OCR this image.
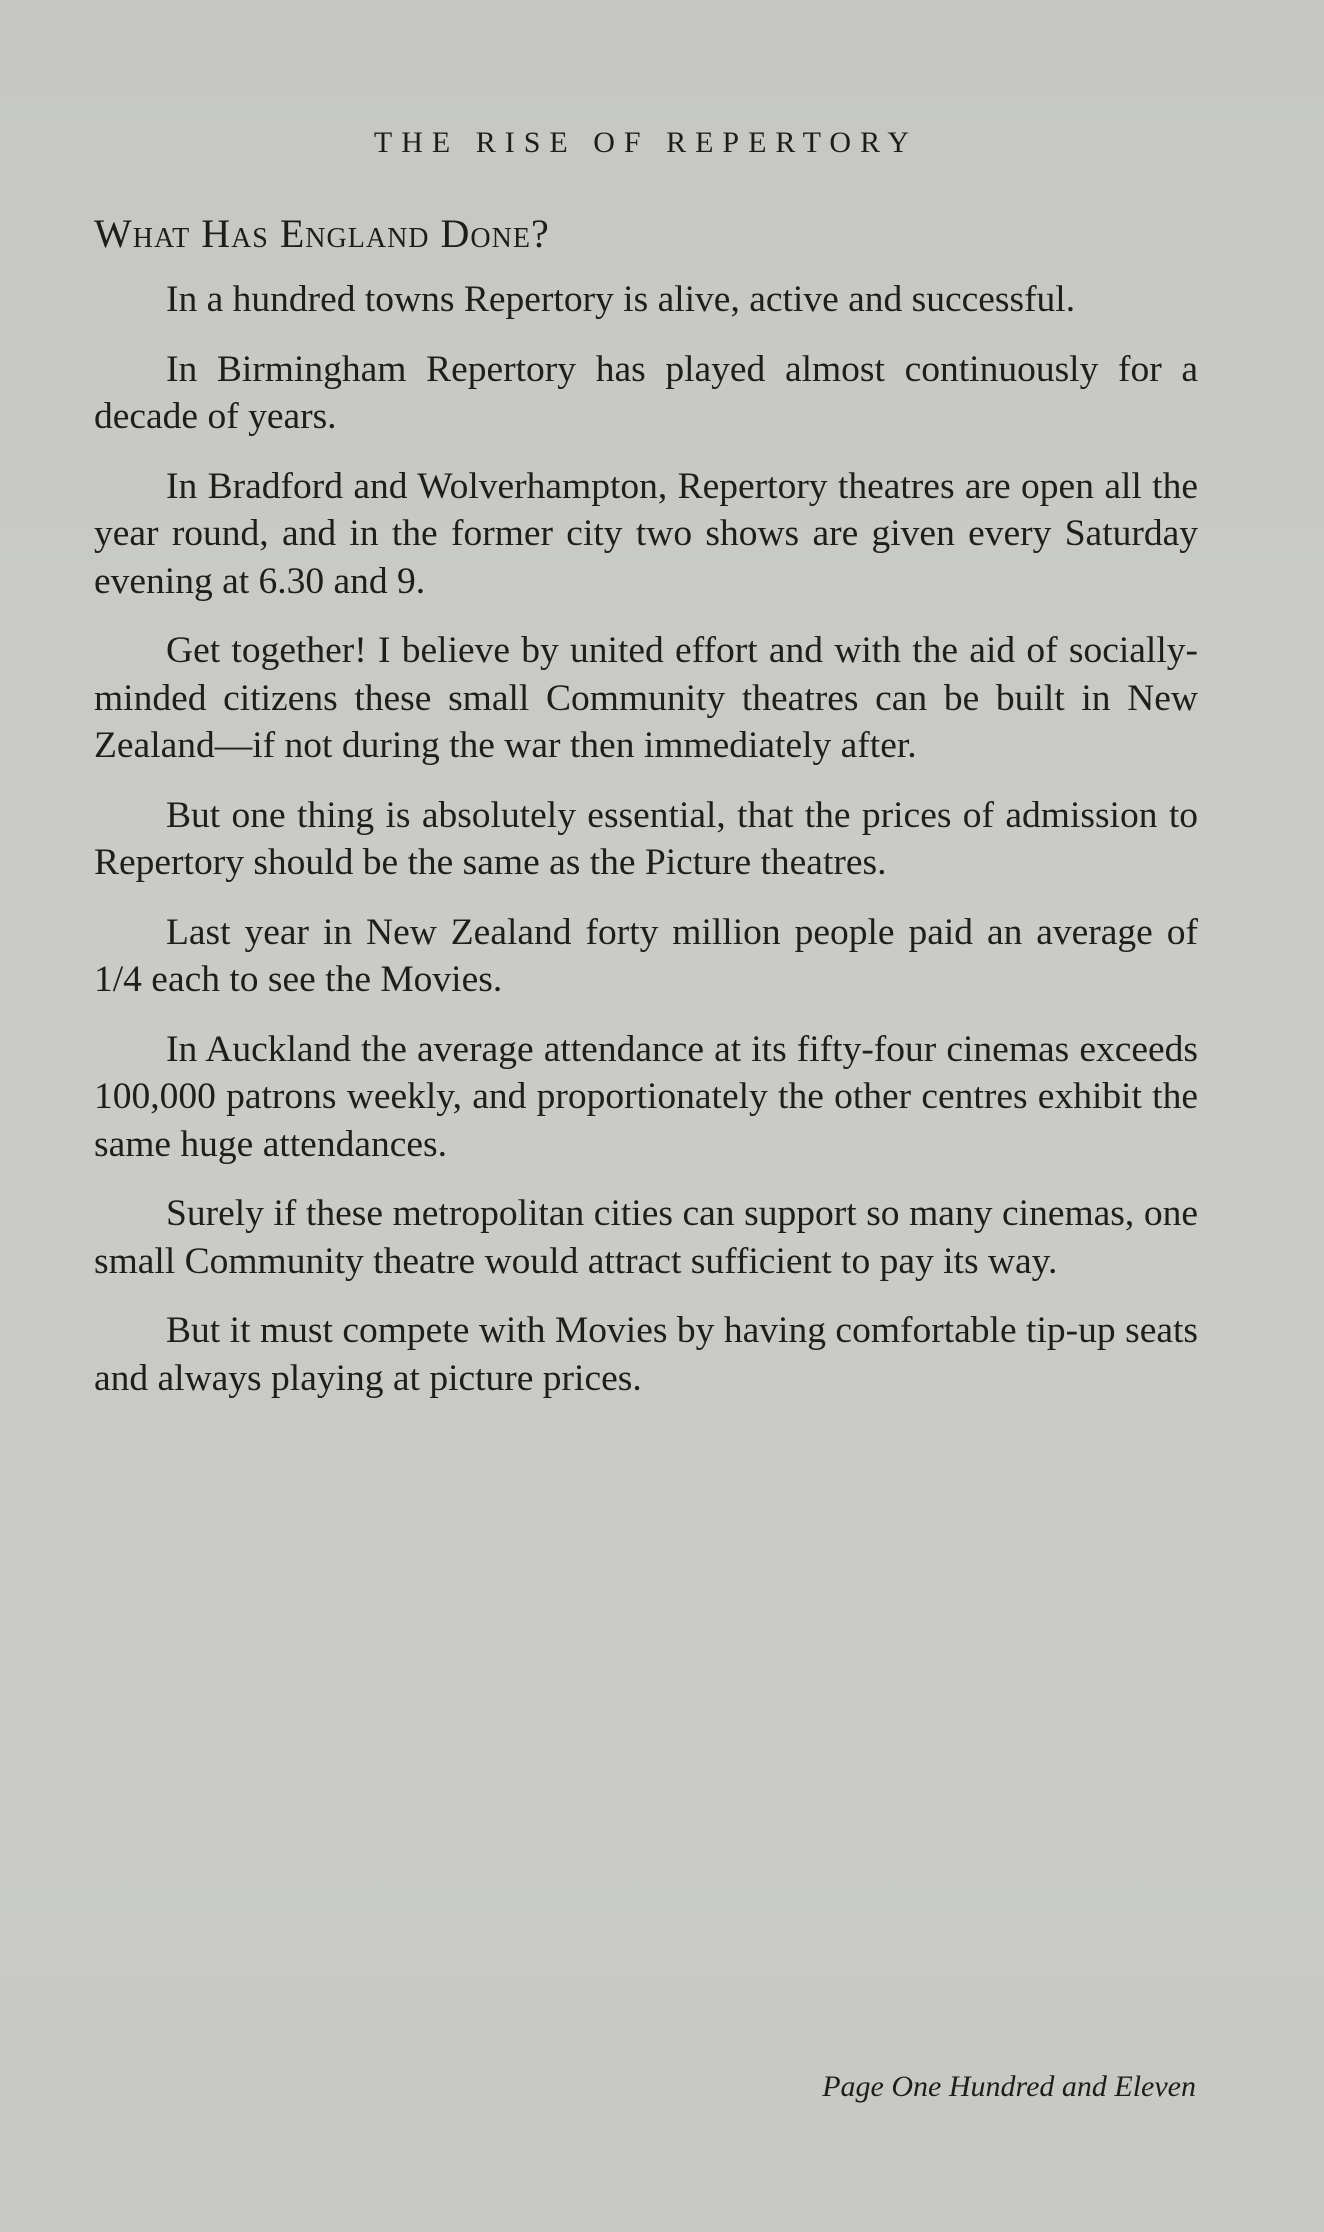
THE RISE OF REPERTORY
What Has England Done?

In a hundred towns Repertory is alive, active and successful.

In Birmingham Repertory has played almost continuously for a decade of years.

In Bradford and Wolverhampton, Repertory theatres are open all the year round, and in the former city two shows are given every Saturday evening at 6.30 and 9.

Get together! I believe by united effort and with the aid of socially-minded citizens these small Community theatres can be built in New Zealand—if not during the war then immediately after.

But one thing is absolutely essential, that the prices of admission to Repertory should be the same as the Picture theatres.

Last year in New Zealand forty million people paid an average of 1/4 each to see the Movies.

In Auckland the average attendance at its fifty-four cinemas exceeds 100,000 patrons weekly, and proportionately the other centres exhibit the same huge attendances.

Surely if these metropolitan cities can support so many cinemas, one small Community theatre would attract sufficient to pay its way.

But it must compete with Movies by having comfortable tip-up seats and always playing at picture prices.

Page One Hundred and Eleven
